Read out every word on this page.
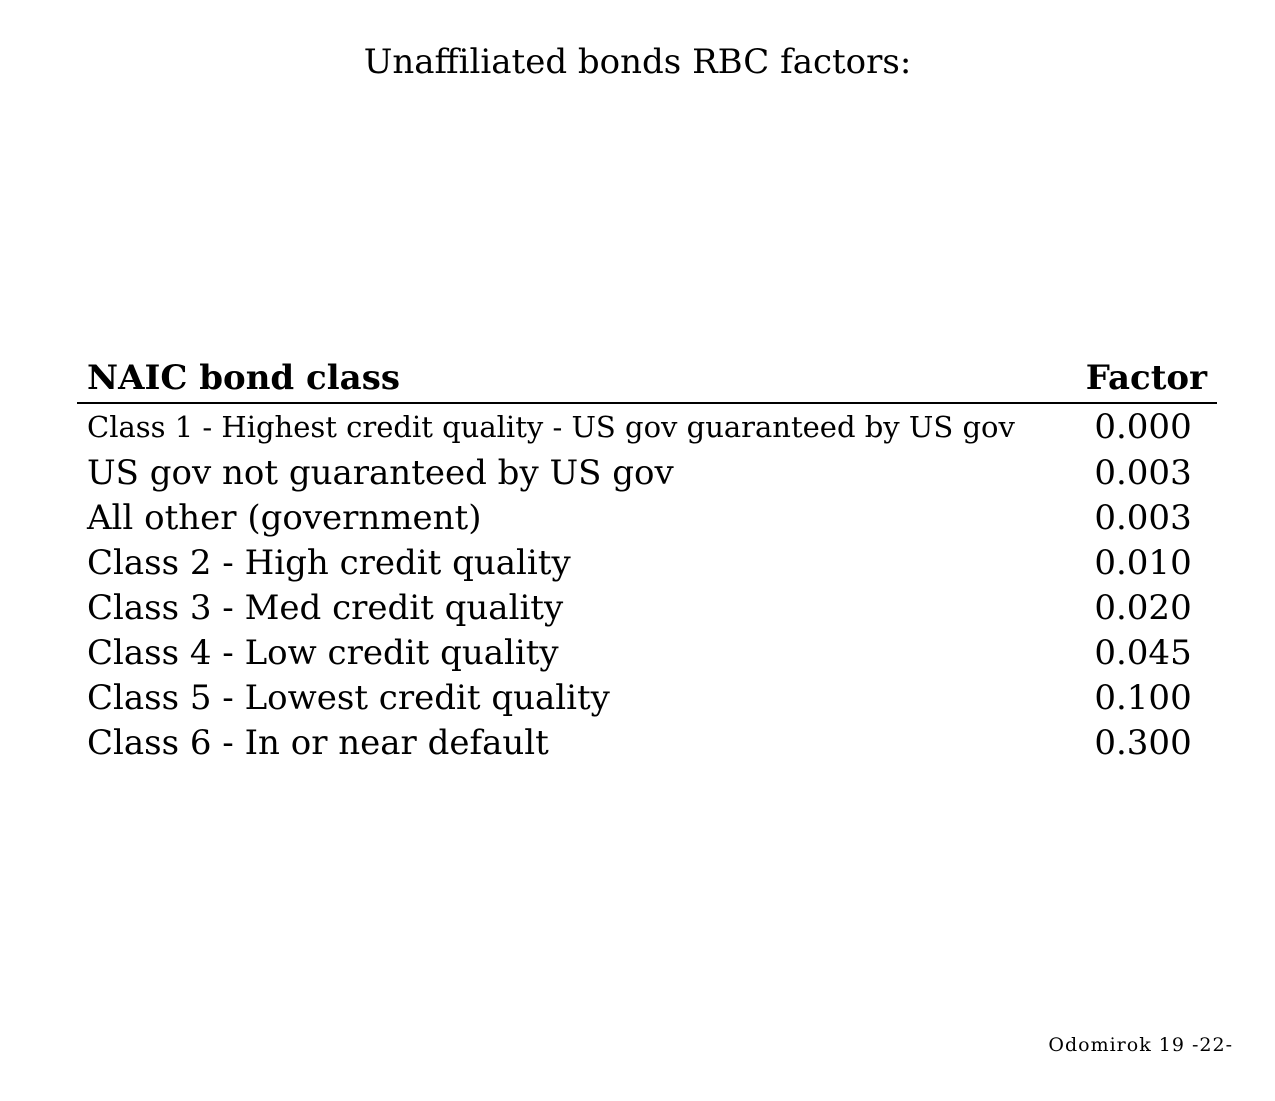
Unaffiliated bonds RBC factors:
NAIC bond class	Factor
Class 1 - Highest credit quality - US gov guaranteed by US gov	0.000
US gov not guaranteed by US gov	0.003
All other (government)	0.003
Class 2 - High credit quality	0.010
Class 3 - Med credit quality	0.020
Class 4 - Low credit quality	0.045
Class 5 - Lowest credit quality	0.100
Class 6 - In or near default	0.300
Odomirok 19 -22-
